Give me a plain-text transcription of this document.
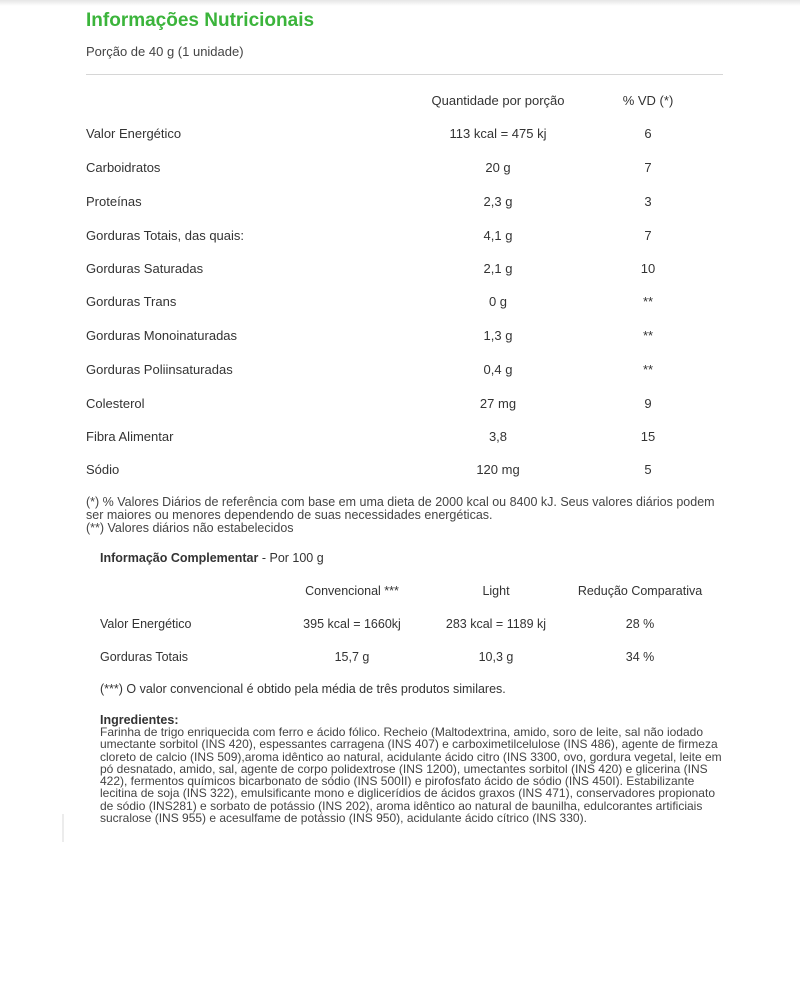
Informações Nutricionais
Porção de 40 g (1 unidade)
Quantidade por porção	% VD (*)
Valor Energético	113 kcal = 475 kj	6
Carboidratos	20 g	7
Proteínas	2,3 g	3
Gorduras Totais, das quais:	4,1 g	7
Gorduras Saturadas	2,1 g	10
Gorduras Trans	0 g	**
Gorduras Monoinaturadas	1,3 g	**
Gorduras Poliinsaturadas	0,4 g	**
Colesterol	27 mg	9
Fibra Alimentar	3,8	15
Sódio	120 mg	5
(*) % Valores Diários de referência com base em uma dieta de 2000 kcal ou 8400 kJ. Seus valores diários podem ser maiores ou menores dependendo de suas necessidades energéticas.
(**) Valores diários não estabelecidos
Informação Complementar - Por 100 g
Convencional ***	Light	Redução Comparativa
Valor Energético	395 kcal = 1660kj	283 kcal = 1189 kj	28 %
Gorduras Totais	15,7 g	10,3 g	34 %
(***) O valor convencional é obtido pela média de três produtos similares.
Ingredientes:
Farinha de trigo enriquecida com ferro e ácido fólico. Recheio (Maltodextrina, amido, soro de leite, sal não iodado umectante sorbitol (INS 420), espessantes carragena (INS 407) e carboximetilcelulose (INS 486), agente de firmeza cloreto de calcio (INS 509),aroma idêntico ao natural, acidulante ácido citro (INS 3300, ovo, gordura vegetal, leite em pó desnatado, amido, sal, agente de corpo polidextrose (INS 1200), umectantes sorbitol (INS 420) e glicerina (INS 422), fermentos químicos bicarbonato de sódio (INS 500II) e pirofosfato ácido de sódio (INS 450I). Estabilizante lecitina de soja (INS 322), emulsificante mono e diglicerídios de ácidos graxos (INS 471), conservadores propionato de sódio (INS281) e sorbato de potássio (INS 202), aroma idêntico ao natural de baunilha, edulcorantes artificiais sucralose (INS 955) e acesulfame de potássio (INS 950), acidulante ácido cítrico (INS 330).
